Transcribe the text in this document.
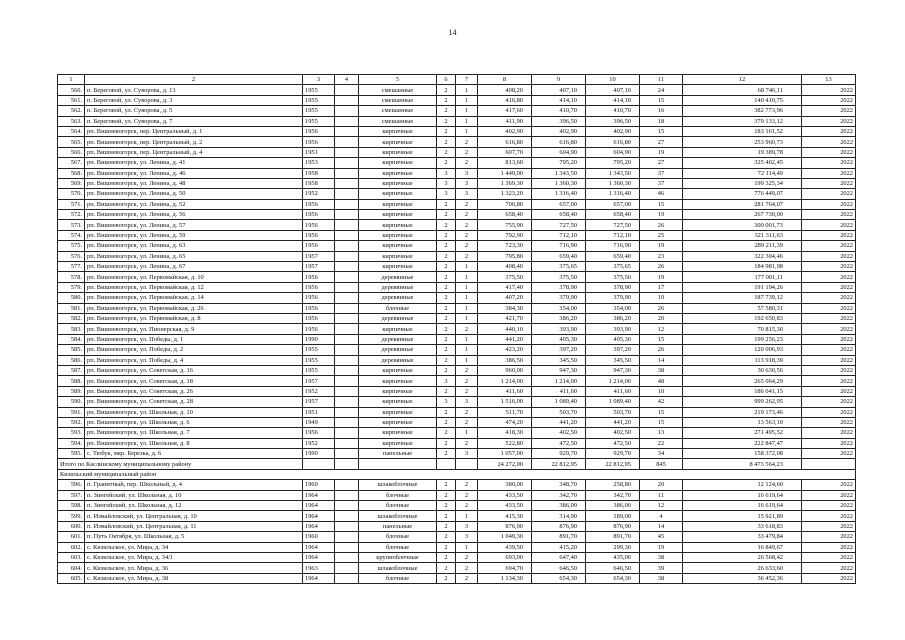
14
1	2	3	4	5	6	7	8	9	10	11	12	13
560.	п. Береговой, ул. Суворова, д. 13	1955		смешанные	2	1	408,20	407,10	407,10	24	68 746,11	2022
561.	п. Береговой, ул. Суворова, д. 3	1955		смешанные	2	1	416,80	414,10	414,10	15	140 410,75	2022
562.	п. Береговой, ул. Суворова, д. 5	1955		смешанные	2	1	417,60	410,70	410,70	16	382 773,96	2022
563.	п. Береговой, ул. Суворова, д. 7	1955		смешанные	2	1	411,90	396,50	396,50	18	379 133,12	2022
564.	рп. Вишневогорск, пер. Центральный, д. 1	1956		кирпичные	2	1	402,90	402,90	402,90	15	183 161,52	2022
565.	рп. Вишневогорск, пер. Центральный, д. 2	1956		кирпичные	2	2	616,80	616,80	616,80	27	253 960,73	2022
566.	рп. Вишневогорск, пер. Центральный, д. 4	1951		кирпичные	2	2	607,70	604,90	604,90	19	19 389,78	2022
567.	рп. Вишневогорск, ул. Ленина, д. 41	1953		кирпичные	2	2	813,60	795,20	795,20	27	325 402,45	2022
568.	рп. Вишневогорск, ул. Ленина, д. 46	1958		кирпичные	3	3	1 449,00	1 343,50	1 343,50	37	72 114,49	2022
569.	рп. Вишневогорск, ул. Ленина, д. 48	1958		кирпичные	3	3	1 369,30	1 360,30	1 360,30	37	199 325,34	2022
570.	рп. Вишневогорск, ул. Ленина, д. 50	1952		кирпичные	3	3	1 323,20	1 316,40	1 316,40	46	776 449,07	2022
571.	рп. Вишневогорск, ул. Ленина, д. 52	1956		кирпичные	2	2	700,80	657,00	657,00	15	281 764,07	2022
572.	рп. Вишневогорск, ул. Ленина, д. 56	1956		кирпичные	2	2	658,40	658,40	658,40	19	267 730,00	2022
573.	рп. Вишневогорск, ул. Ленина, д. 57	1956		кирпичные	2	2	755,90	727,50	727,50	26	300 001,73	2022
574.	рп. Вишневогорск, ул. Ленина, д. 59	1956		кирпичные	2	2	792,90	712,10	712,10	25	321 311,63	2022
575.	рп. Вишневогорск, ул. Ленина, д. 63	1956		кирпичные	2	2	723,30	716,90	716,90	19	289 211,39	2022
576.	рп. Вишневогорск, ул. Ленина, д. 65	1957		кирпичные	2	2	795,80	659,40	659,40	23	322 304,46	2022
577.	рп. Вишневогорск, ул. Ленина, д. 67	1957		кирпичные	2	1	408,40	375,65	375,65	26	184 981,98	2022
578.	рп. Вишневогорск, ул. Первомайская, д. 10	1956		деревянные	2	1	375,50	375,50	375,50	19	177 001,11	2022
579.	рп. Вишневогорск, ул. Первомайская, д. 12	1956		деревянные	2	1	417,40	378,90	378,90	17	191 194,26	2022
580.	рп. Вишневогорск, ул. Первомайская, д. 14	1956		деревянные	2	1	407,20	379,90	379,90	10	187 739,12	2022
581.	рп. Вишневогорск, ул. Первомайская, д. 26	1956		блочные	2	1	384,30	354,00	354,00	26	57 580,31	2022
582.	рп. Вишневогорск, ул. Первомайская, д. 8	1956		деревянные	2	1	421,70	386,20	386,20	20	192 650,83	2022
583.	рп. Вишневогорск, ул. Пионерская, д. 9	1956		кирпичные	2	2	440,10	393,90	393,90	12	70 815,30	2022
584.	рп. Вишневогорск, ул. Победы, д. 1	1990		деревянные	2	1	441,20	405,30	405,30	15	199 256,23	2022
585.	рп. Вишневогорск, ул. Победы, д. 2	1955		деревянные	2	1	423,20	397,20	397,20	26	120 006,93	2022
586.	рп. Вишневогорск, ул. Победы, д. 4	1955		деревянные	2	1	386,50	345,50	345,50	14	113 918,39	2022
587.	рп. Вишневогорск, ул. Советская, д. 16	1955		кирпичные	2	2	960,00	947,30	947,30	38	30 630,56	2022
588.	рп. Вишневогорск, ул. Советская, д. 18	1957		кирпичные	3	2	1 214,00	1 214,00	1 214,00	48	265 064,29	2022
589.	рп. Вишневогорск, ул. Советская, д. 26	1952		кирпичные	2	2	411,60	411,60	411,60	10	186 041,15	2022
590.	рп. Вишневогорск, ул. Советская, д. 28	1957		кирпичные	3	3	1 516,00	1 089,40	1 089,40	42	999 262,95	2022
591.	рп. Вишневогорск, ул. Школьная, д. 10	1951		кирпичные	2	2	511,70	503,70	503,70	15	219 173,46	2022
592.	рп. Вишневогорск, ул. Школьная, д. 6	1949		кирпичные	2	2	474,20	441,20	441,20	15	13 563,10	2022
593.	рп. Вишневогорск, ул. Школьная, д. 7	1956		кирпичные	2	1	418,30	402,50	402,50	13	271 495,52	2022
594.	рп. Вишневогорск, ул. Школьная, д. 8	1952		кирпичные	2	2	522,80	472,50	472,50	22	222 847,47	2022
595.	с. Тюбук, мкр. Березка, д. 6	1990		панельные	2	3	1 057,00	929,70	929,70	34	158 372,08	2022
Итого по Каслинскому муниципальному району							24 272,00	22 812,95	22 812,95	845	8 473 564,23	
Кизильский муниципальный район												
596.	п. Гранитный, пер. Школьный, д. 4	1960		шлакоблочные	2	2	380,00	348,70	258,80	20	12 124,60	2022
597.	п. Зингейский, ул. Школьная, д. 10	1964		блочные	2	2	433,50	342,70	342,70	11	16 619,64	2022
598.	п. Зингейский, ул. Школьная, д. 12	1964		блочные	2	2	433,50	386,00	386,00	12	16 619,64	2022
599.	п. Измайловский, ул. Центральная, д. 10	1964		шлакоблочные	2	1	415,30	314,90	189,00	4	15 921,89	2022
600.	п. Измайловский, ул. Центральная, д. 11	1964		панельные	2	3	876,90	876,90	876,90	14	33 618,83	2022
601.	п. Путь Октября, ул. Школьная, д. 5	1960		блочные	2	3	1 049,30	891,70	891,70	45	33 479,84	2022
602.	с. Кизильское, ул. Мира, д. 34	1964		блочные	2	1	439,50	415,20	299,30	19	16 849,67	2022
603.	с. Кизильское, ул. Мира, д. 34/1	1964		крупноблочные	2	2	693,00	647,40	435,00	38	26 568,42	2022
604.	с. Кизильское, ул. Мира, д. 36	1963		шлакоблочные	2	2	694,70	646,50	646,50	39	26 633,60	2022
605.	с. Кизильское, ул. Мира, д. 38	1964		блочные	2	2	1 134,30	654,30	654,30	38	36 452,36	2022
